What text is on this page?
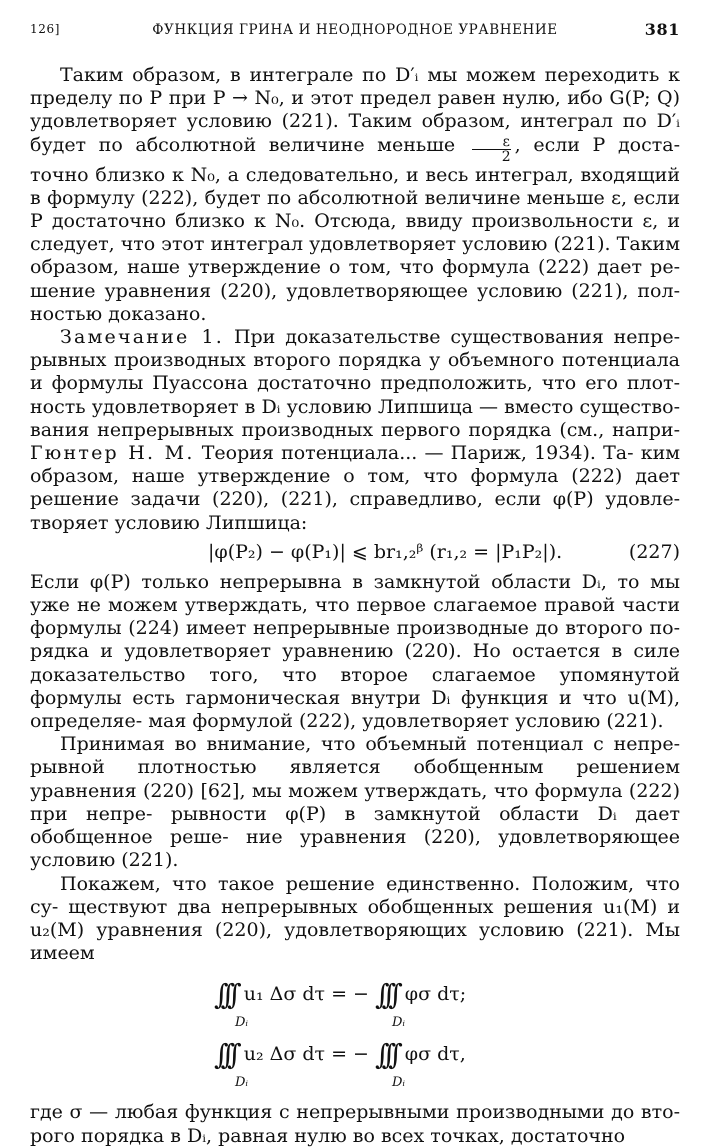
126]	ФУНКЦИЯ ГРИНА И НЕОДНОРОДНОЕ УРАВНЕНИЕ	381

Таким образом, в интеграле по D′ᵢ мы можем переходить к пределу по P при P → N₀, и этот предел равен нулю, ибо G(P; Q) удовлетворяет условию (221). Таким образом, интеграл по D′ᵢ будет по абсолютной величине меньше $\frac{\varepsilon}{2}$ , если P доста- точно близко к N₀, а следовательно, и весь интеграл, входящий в формулу (222), будет по абсолютной величине меньше ε, если P достаточно близко к N₀. Отсюда, ввиду произвольности ε, и следует, что этот интеграл удовлетворяет условию (221). Таким образом, наше утверждение о том, что формула (222) дает ре- шение уравнения (220), удовлетворяющее условию (221), пол- ностью доказано.

Замечание 1. При доказательстве существования непре- рывных производных второго порядка у объемного потенциала и формулы Пуассона достаточно предположить, что его плот- ность удовлетворяет в Dᵢ условию Липшица — вместо существо- вания непрерывных производных первого порядка (см., напри- Гюнтер Н. М. Теория потенциала... — Париж, 1934). Та- ким образом, наше утверждение о том, что формула (222) дает решение задачи (220), (221), справедливо, если φ(P) удовле- творяет условию Липшица:

|φ(P₂) − φ(P₁)| ⩽ br₁,₂ᵝ (r₁,₂ = |P₁P₂|).	(227)

Если φ(P) только непрерывна в замкнутой области Dᵢ, то мы уже не можем утверждать, что первое слагаемое правой части формулы (224) имеет непрерывные производные до второго по- рядка и удовлетворяет уравнению (220). Но остается в силе доказательство того, что второе слагаемое упомянутой формулы есть гармоническая внутри Dᵢ функция и что u(M), определяе- мая формулой (222), удовлетворяет условию (221).

Принимая во внимание, что объемный потенциал с непре- рывной плотностью является обобщенным решением уравнения (220) [62], мы можем утверждать, что формула (222) при непре- рывности φ(P) в замкнутой области Dᵢ дает обобщенное реше- ние уравнения (220), удовлетворяющее условию (221).

Покажем, что такое решение единственно. Положим, что су- ществуют два непрерывных обобщенных решения u₁(M) и u₂(M) уравнения (220), удовлетворяющих условию (221). Мы имеем

∫∫∫ u₁ Δσ dτ = − ∫∫∫ φσ dτ;
Dᵢ	Dᵢ
∫∫∫ u₂ Δσ dτ = − ∫∫∫ φσ dτ,
Dᵢ	Dᵢ

где σ — любая функция с непрерывными производными до вто- рого порядка в Dᵢ, равная нулю во всех точках, достаточно
